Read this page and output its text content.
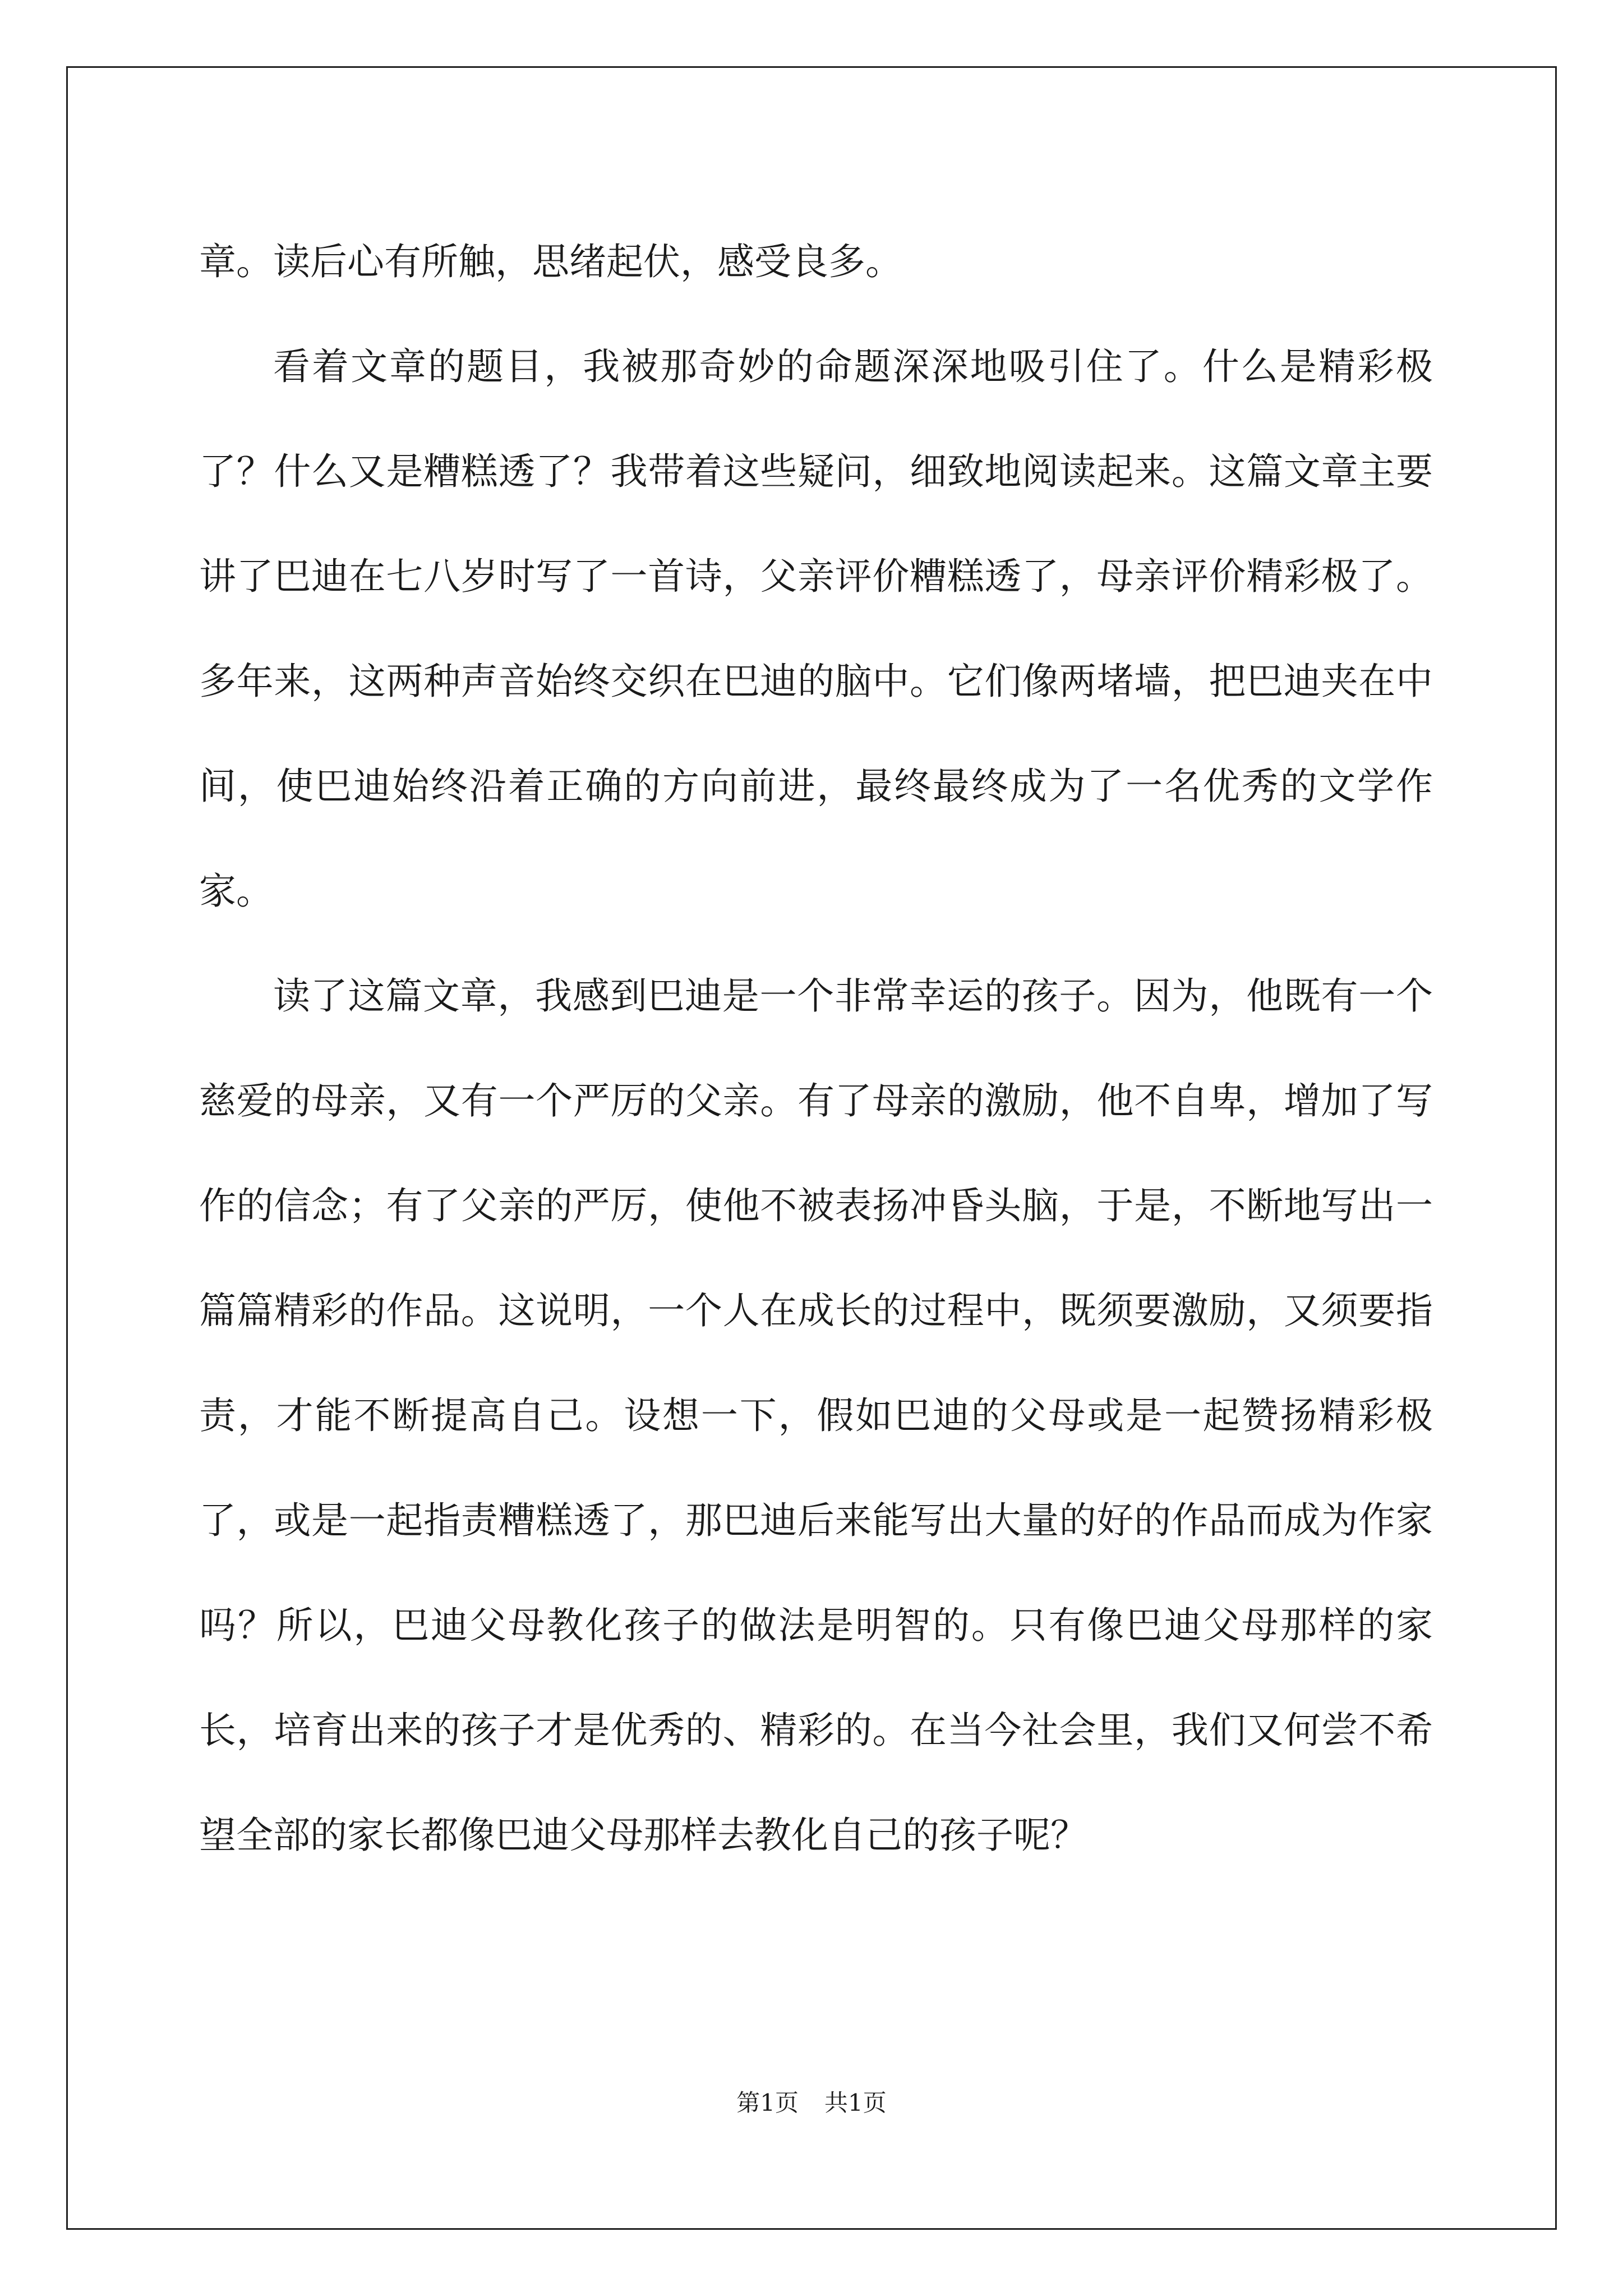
章。读后心有所触，思绪起伏，感受良多。

看着文章的题目，我被那奇妙的命题深深地吸引住了。什么是精彩极了？什么又是糟糕透了？我带着这些疑问，细致地阅读起来。这篇文章主要讲了巴迪在七八岁时写了一首诗，父亲评价糟糕透了，母亲评价精彩极了。多年来，这两种声音始终交织在巴迪的脑中。它们像两堵墙，把巴迪夹在中间，使巴迪始终沿着正确的方向前进，最终最终成为了一名优秀的文学作家。

读了这篇文章，我感到巴迪是一个非常幸运的孩子。因为，他既有一个慈爱的母亲，又有一个严厉的父亲。有了母亲的激励，他不自卑，增加了写作的信念；有了父亲的严厉，使他不被表扬冲昏头脑，于是，不断地写出一篇篇精彩的作品。这说明，一个人在成长的过程中，既须要激励，又须要指责，才能不断提高自己。设想一下，假如巴迪的父母或是一起赞扬精彩极了，或是一起指责糟糕透了，那巴迪后来能写出大量的好的作品而成为作家吗？所以，巴迪父母教化孩子的做法是明智的。只有像巴迪父母那样的家长，培育出来的孩子才是优秀的、精彩的。在当今社会里，我们又何尝不希望全部的家长都像巴迪父母那样去教化自己的孩子呢？

第1页 共1页
